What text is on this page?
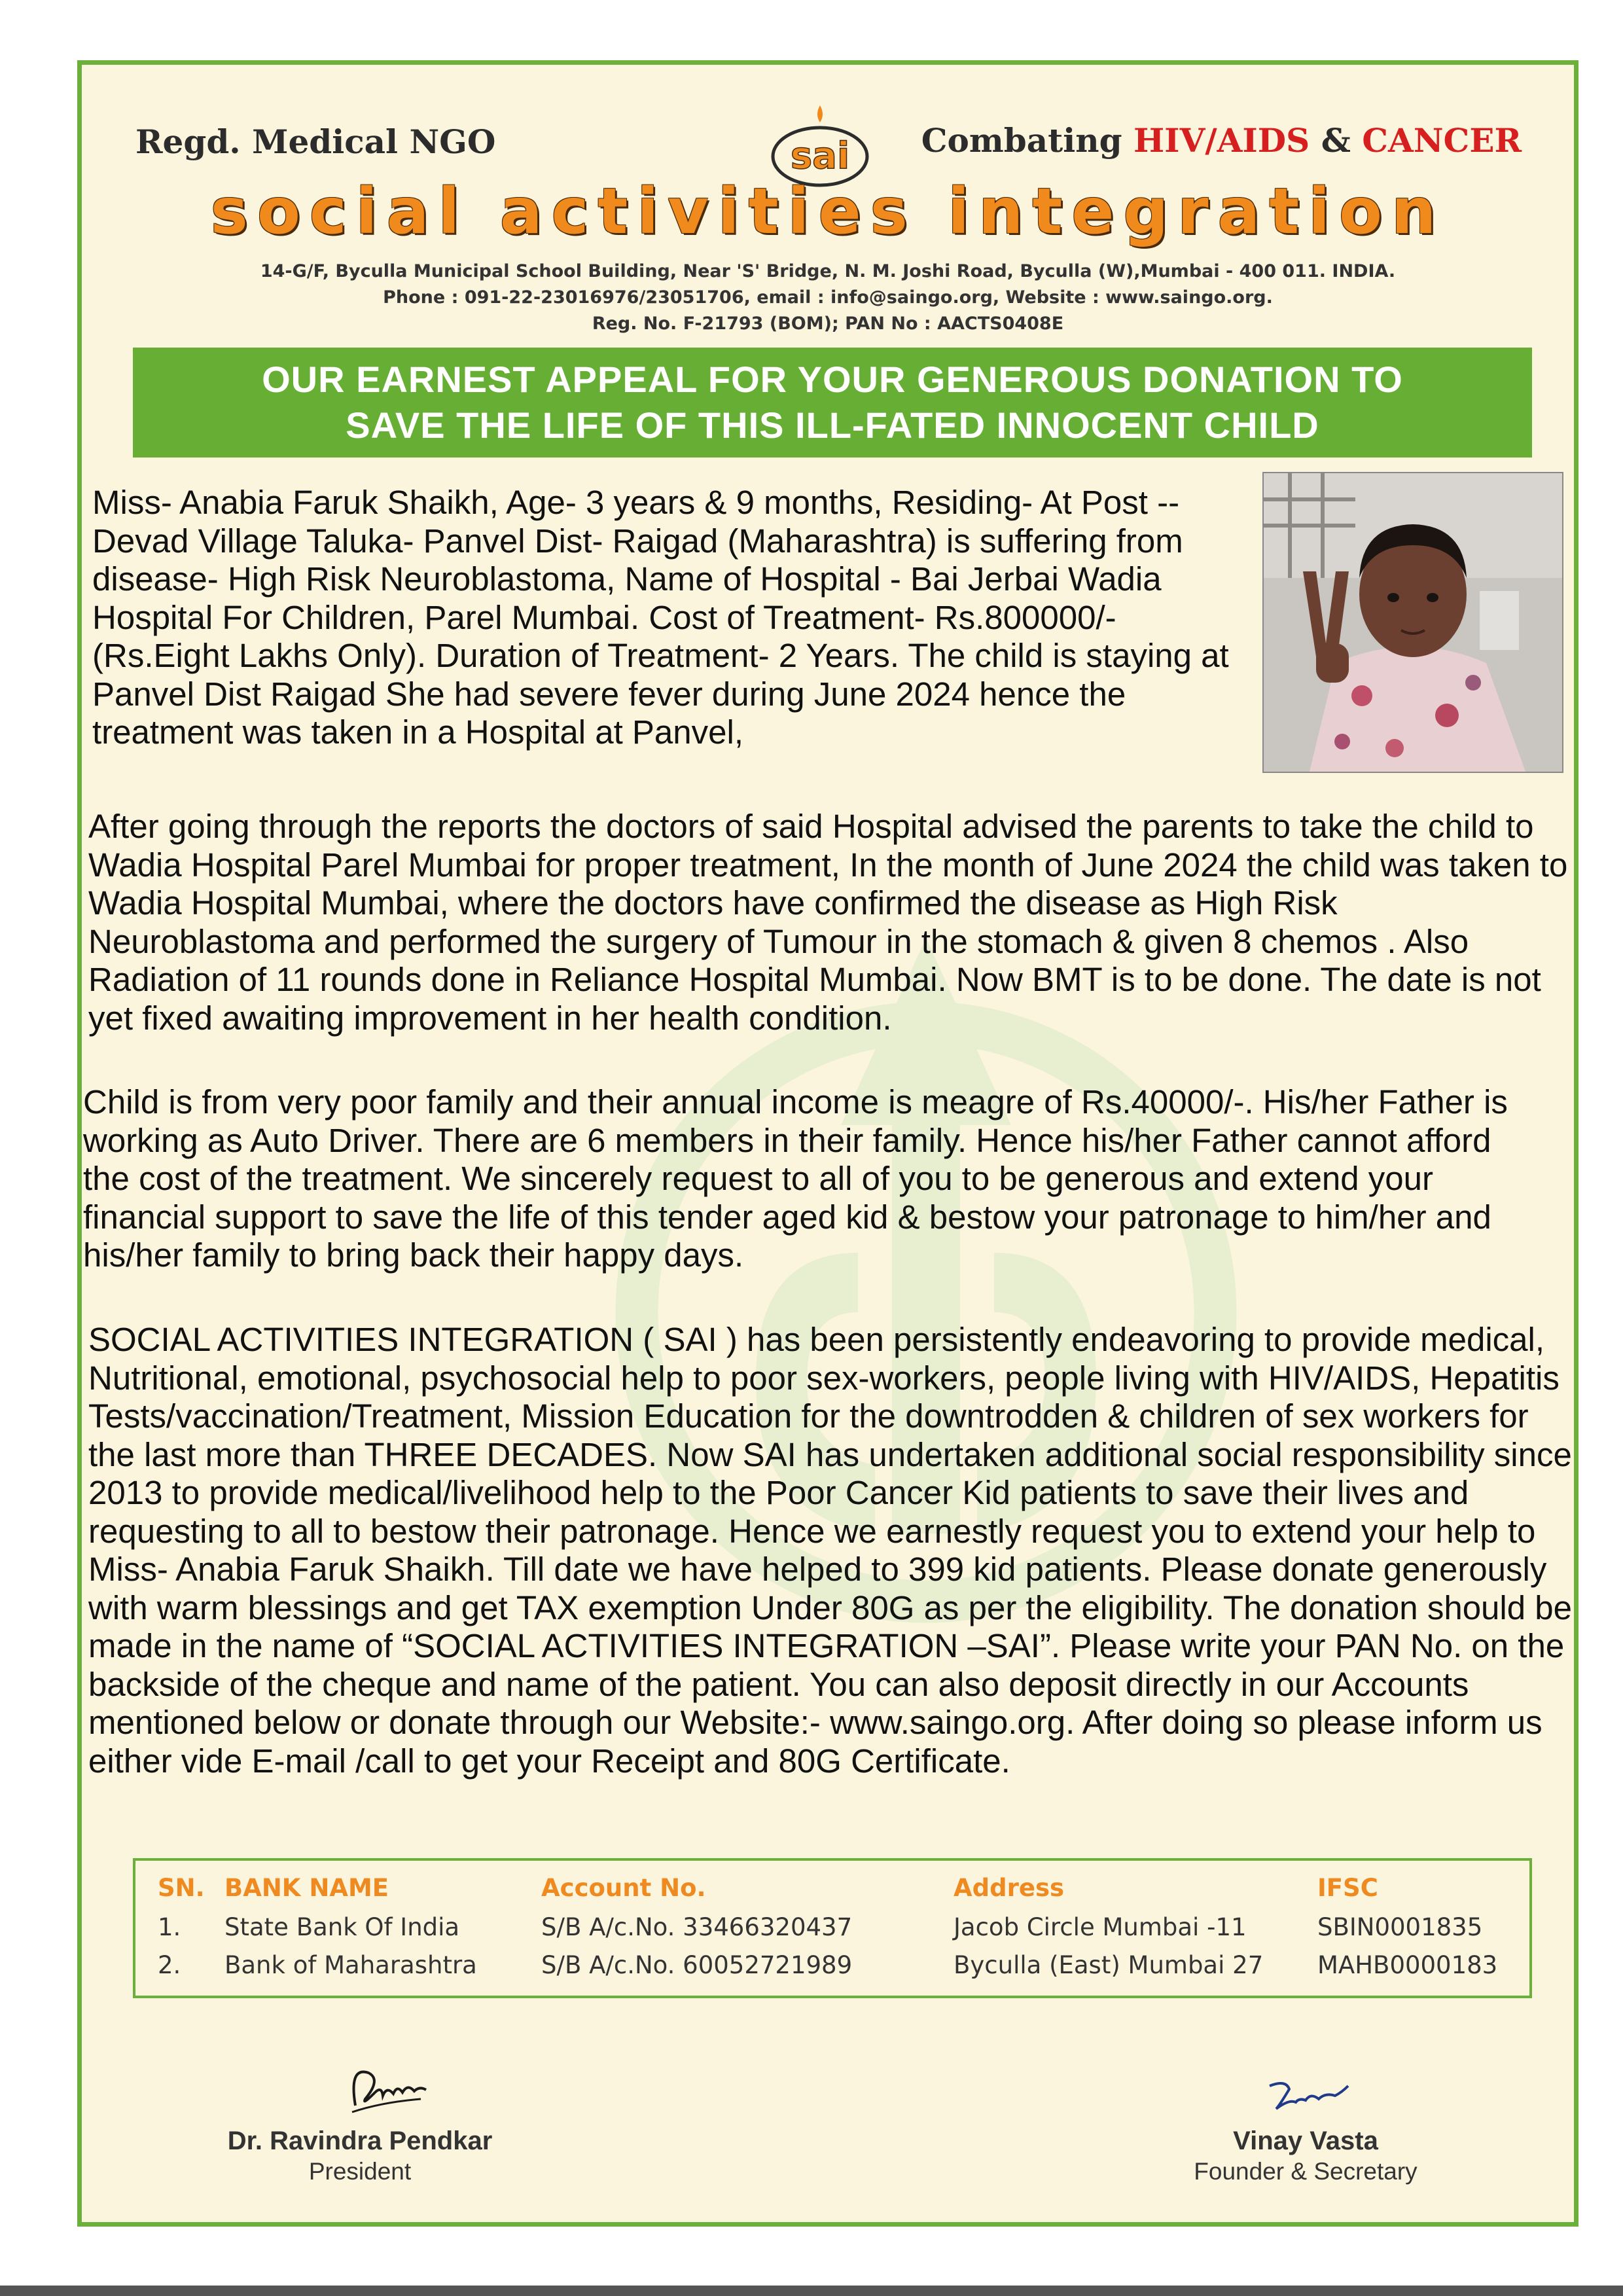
Regd. Medical NGO	sai Combating HIV/AIDS & CANCER
social activities integration
14-G/F, Byculla Municipal School Building, Near 'S' Bridge, N. M. Joshi Road, Byculla (W),Mumbai - 400 011. INDIA.
Phone : 091-22-23016976/23051706, email : info@saingo.org, Website : www.saingo.org.
Reg. No. F-21793 (BOM); PAN No : AACTS0408E
OUR EARNEST APPEAL FOR YOUR GENEROUS DONATION TO
SAVE THE LIFE OF THIS ILL-FATED INNOCENT CHILD

Miss- Anabia Faruk Shaikh, Age- 3 years & 9 months, Residing- At Post -- Devad Village Taluka- Panvel Dist- Raigad (Maharashtra) is suffering from disease- High Risk Neuroblastoma, Name of Hospital - Bai Jerbai Wadia Hospital For Children, Parel Mumbai. Cost of Treatment- Rs.800000/- (Rs.Eight Lakhs Only). Duration of Treatment- 2 Years. The child is staying at Panvel Dist Raigad She had severe fever during June 2024 hence the treatment was taken in a Hospital at Panvel,

After going through the reports the doctors of said Hospital advised the parents to take the child to Wadia Hospital Parel Mumbai for proper treatment, In the month of June 2024 the child was taken to Wadia Hospital Mumbai, where the doctors have confirmed the disease as High Risk Neuroblastoma and performed the surgery of Tumour in the stomach & given 8 chemos . Also Radiation of 11 rounds done in Reliance Hospital Mumbai. Now BMT is to be done. The date is not yet fixed awaiting improvement in her health condition.

Child is from very poor family and their annual income is meagre of Rs.40000/-. His/her Father is working as Auto Driver. There are 6 members in their family. Hence his/her Father cannot afford the cost of the treatment. We sincerely request to all of you to be generous and extend your financial support to save the life of this tender aged kid & bestow your patronage to him/her and his/her family to bring back their happy days.

SOCIAL ACTIVITIES INTEGRATION ( SAI ) has been persistently endeavoring to provide medical, Nutritional, emotional, psychosocial help to poor sex-workers, people living with HIV/AIDS, Hepatitis Tests/vaccination/Treatment, Mission Education for the downtrodden & children of sex workers for the last more than THREE DECADES. Now SAI has undertaken additional social responsibility since 2013 to provide medical/livelihood help to the Poor Cancer Kid patients to save their lives and requesting to all to bestow their patronage. Hence we earnestly request you to extend your help to Miss- Anabia Faruk Shaikh. Till date we have helped to 399 kid patients. Please donate generously with warm blessings and get TAX exemption Under 80G as per the eligibility. The donation should be made in the name of “SOCIAL ACTIVITIES INTEGRATION –SAI”. Please write your PAN No. on the backside of the cheque and name of the patient. You can also deposit directly in our Accounts mentioned below or donate through our Website:- www.saingo.org. After doing so please inform us either vide E-mail /call to get your Receipt and 80G Certificate.

SN.	BANK NAME	Account No.	Address	IFSC
1.	State Bank Of India	S/B A/c.No. 33466320437	Jacob Circle Mumbai -11	SBIN0001835
2.	Bank of Maharashtra	S/B A/c.No. 60052721989	Byculla (East) Mumbai 27	MAHB0000183
Dr. Ravindra Pendkar
President
Vinay Vasta
Founder & Secretary
